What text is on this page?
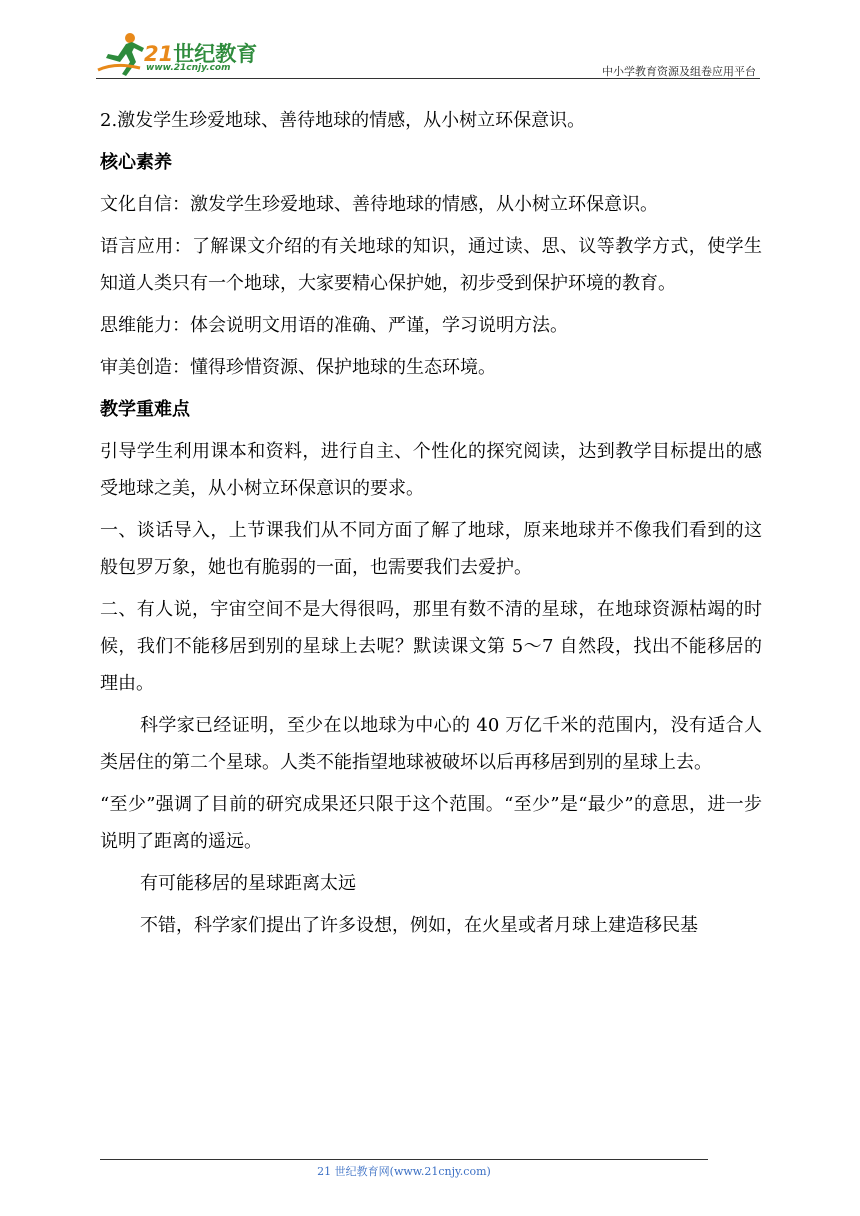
21世纪教育
www.21cnjy.com	中小学教育资源及组卷应用平台
2.激发学生珍爱地球、善待地球的情感，从小树立环保意识。
核心素养
文化自信：激发学生珍爱地球、善待地球的情感，从小树立环保意识。
语言应用：了解课文介绍的有关地球的知识，通过读、思、议等教学方式，使学生知道人类只有一个地球，大家要精心保护她，初步受到保护环境的教育。
思维能力：体会说明文用语的准确、严谨，学习说明方法。
审美创造：懂得珍惜资源、保护地球的生态环境。
教学重难点
引导学生利用课本和资料，进行自主、个性化的探究阅读，达到教学目标提出的感受地球之美，从小树立环保意识的要求。
一、谈话导入，上节课我们从不同方面了解了地球，原来地球并不像我们看到的这般包罗万象，她也有脆弱的一面，也需要我们去爱护。
二、有人说，宇宙空间不是大得很吗，那里有数不清的星球，在地球资源枯竭的时候，我们不能移居到别的星球上去呢？默读课文第 5～7 自然段，找出不能移居的理由。
科学家已经证明，至少在以地球为中心的 40 万亿千米的范围内，没有适合人类居住的第二个星球。人类不能指望地球被破坏以后再移居到别的星球上去。
“至少”强调了目前的研究成果还只限于这个范围。“至少”是“最少”的意思，进一步说明了距离的遥远。
有可能移居的星球距离太远
不错，科学家们提出了许多设想，例如，在火星或者月球上建造移民基
21 世纪教育网(www.21cnjy.com)
